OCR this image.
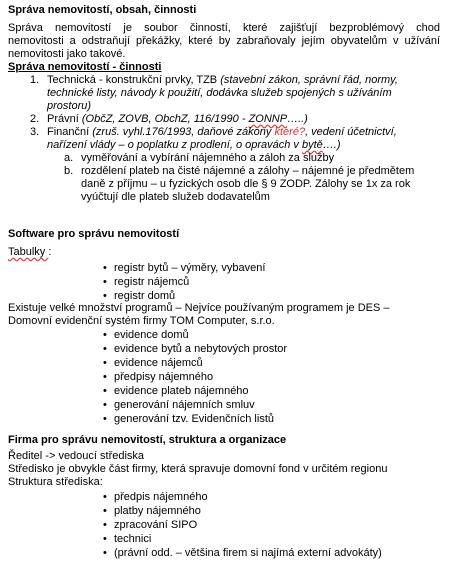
Správa nemovitostí, obsah, činnosti
Správa nemovitostí je soubor činností, které zajišťují bezproblémový chod
nemovitosti a odstraňují překážky, které by zabraňovaly jejím obyvatelům v užívání
nemovitosti jako takové.
Správa nemovitostí - činnosti
1. Technická - konstrukční prvky, TZB (stavební zákon, správní řád, normy,
technické listy, návody k použití, dodávka služeb spojených s užíváním
prostoru)
2. Právní (ObčZ, ZOVB, ObchZ, 116/1990 - ZONNP…..)
3. Finanční (zruš. vyhl.176/1993, daňové zákony které?, vedení účetnictví,
nařízení vlády – o poplatku z prodlení, o opravách v bytě….)
a. vyměřování a vybírání nájemného a záloh za služby
b. rozdělení plateb na čisté nájemné a zálohy – nájemné je předmětem
daně z příjmu – u fyzických osob dle § 9 ZODP. Zálohy se 1x za rok
vyúčtují dle plateb služeb dodavatelům
Software pro správu nemovitostí
Tabulky :
• registr bytů – výměry, vybavení
• registr nájemců
• registr domů
Existuje velké množství programů – Nejvíce používaným programem je DES –
Domovní evidenční systém firmy TOM Computer, s.r.o.
• evidence domů
• evidence bytů a nebytových prostor
• evidence nájemců
• předpisy nájemného
• evidence plateb nájemného
• generování nájemních smluv
• generování tzv. Evidenčních listů
Firma pro správu nemovitostí, struktura a organizace
Ředitel -> vedoucí střediska
Středisko je obvykle část firmy, která spravuje domovní fond v určitém regionu
Struktura střediska:
• předpis nájemného
• platby nájemného
• zpracování SIPO
• technici
• (právní odd. – většina firem si najímá externí advokáty)
